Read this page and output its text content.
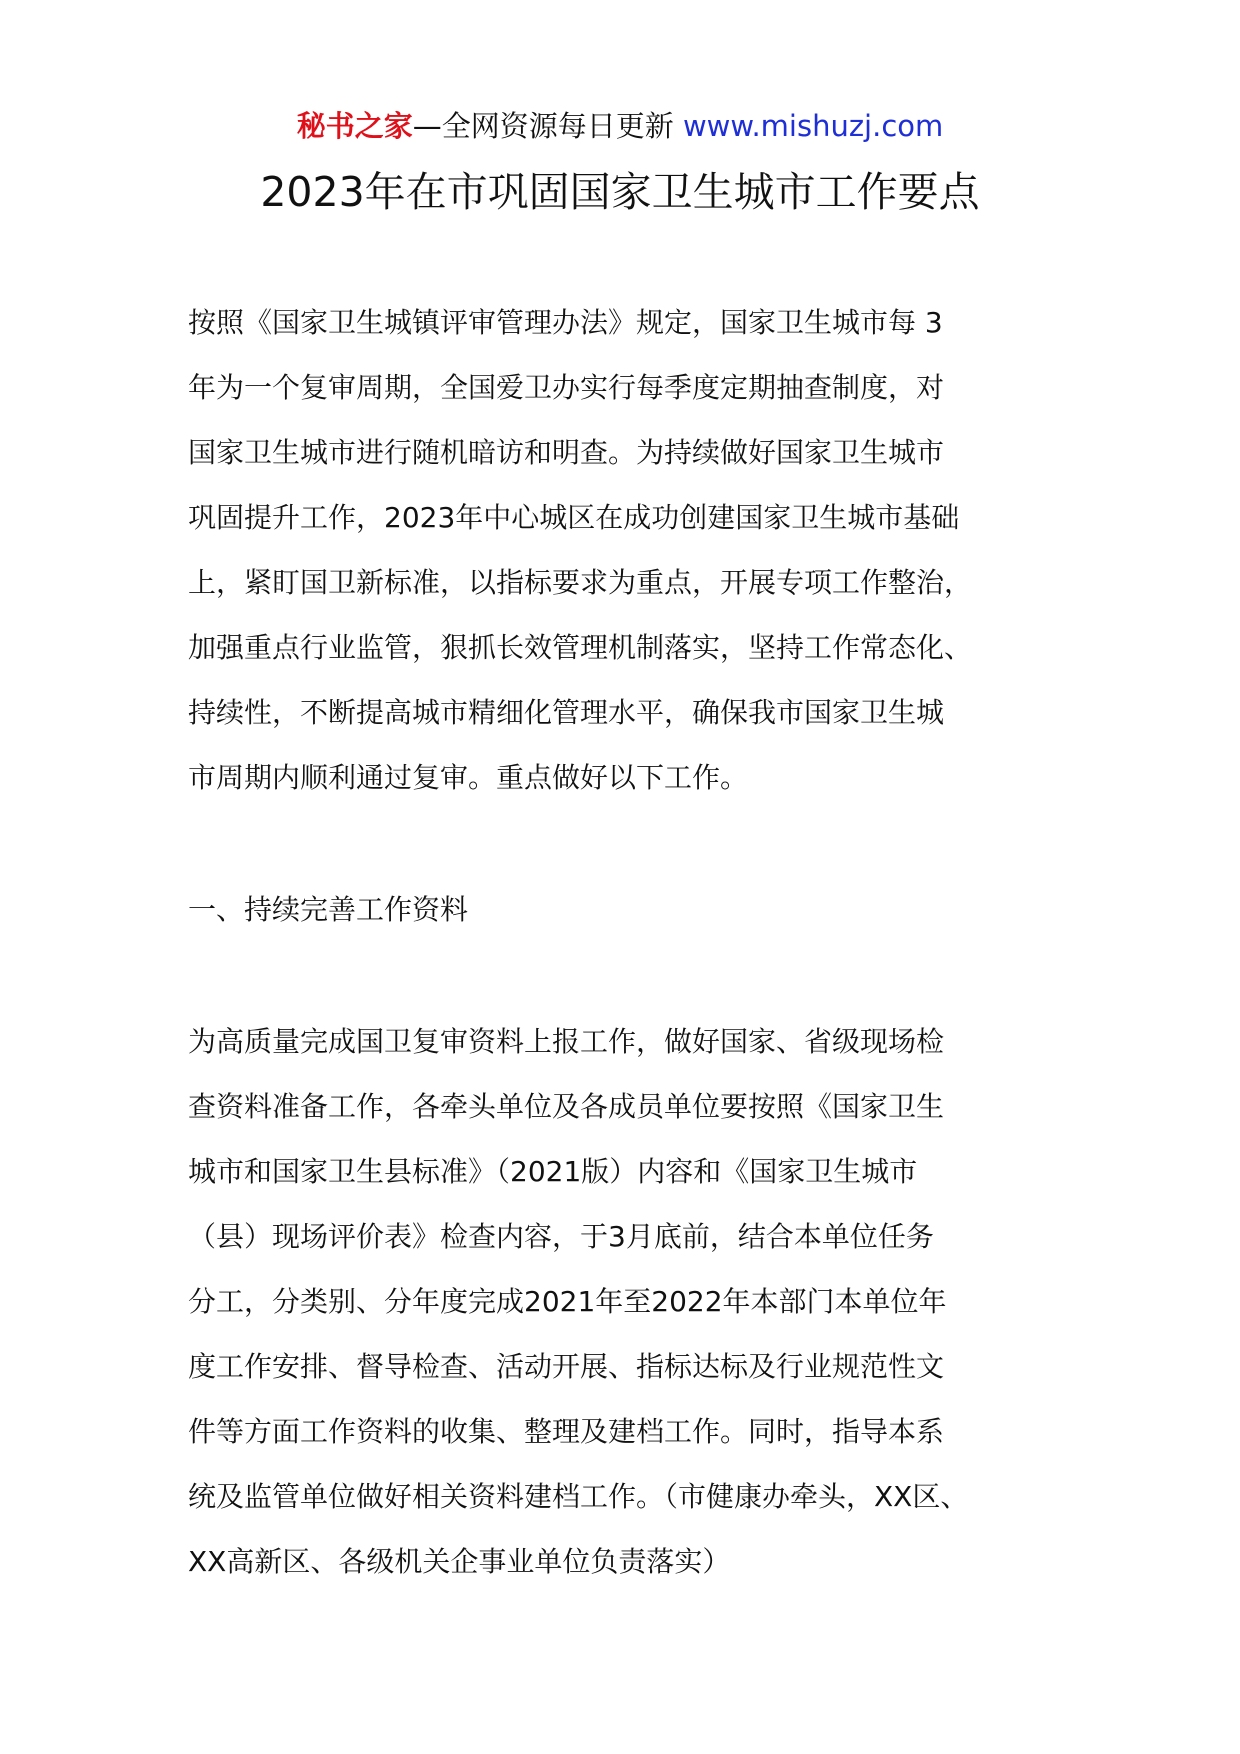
秘书之家—全网资源每日更新 www.mishuzj.com
2023年在市巩固国家卫生城市工作要点
按照《国家卫生城镇评审管理办法》规定，国家卫生城市每 3
年为一个复审周期，全国爱卫办实行每季度定期抽查制度，对
国家卫生城市进行随机暗访和明查。为持续做好国家卫生城市
巩固提升工作，2023年中心城区在成功创建国家卫生城市基础
上，紧盯国卫新标准，以指标要求为重点，开展专项工作整治，
加强重点行业监管，狠抓长效管理机制落实，坚持工作常态化、
持续性，不断提高城市精细化管理水平，确保我市国家卫生城
市周期内顺利通过复审。重点做好以下工作。
一、持续完善工作资料
为高质量完成国卫复审资料上报工作，做好国家、省级现场检
查资料准备工作，各牵头单位及各成员单位要按照《国家卫生
城市和国家卫生县标准》（2021版）内容和《国家卫生城市
（县）现场评价表》检查内容，于3月底前，结合本单位任务
分工，分类别、分年度完成2021年至2022年本部门本单位年
度工作安排、督导检查、活动开展、指标达标及行业规范性文
件等方面工作资料的收集、整理及建档工作。同时，指导本系
统及监管单位做好相关资料建档工作。（市健康办牵头，XX区、
XX高新区、各级机关企事业单位负责落实）
